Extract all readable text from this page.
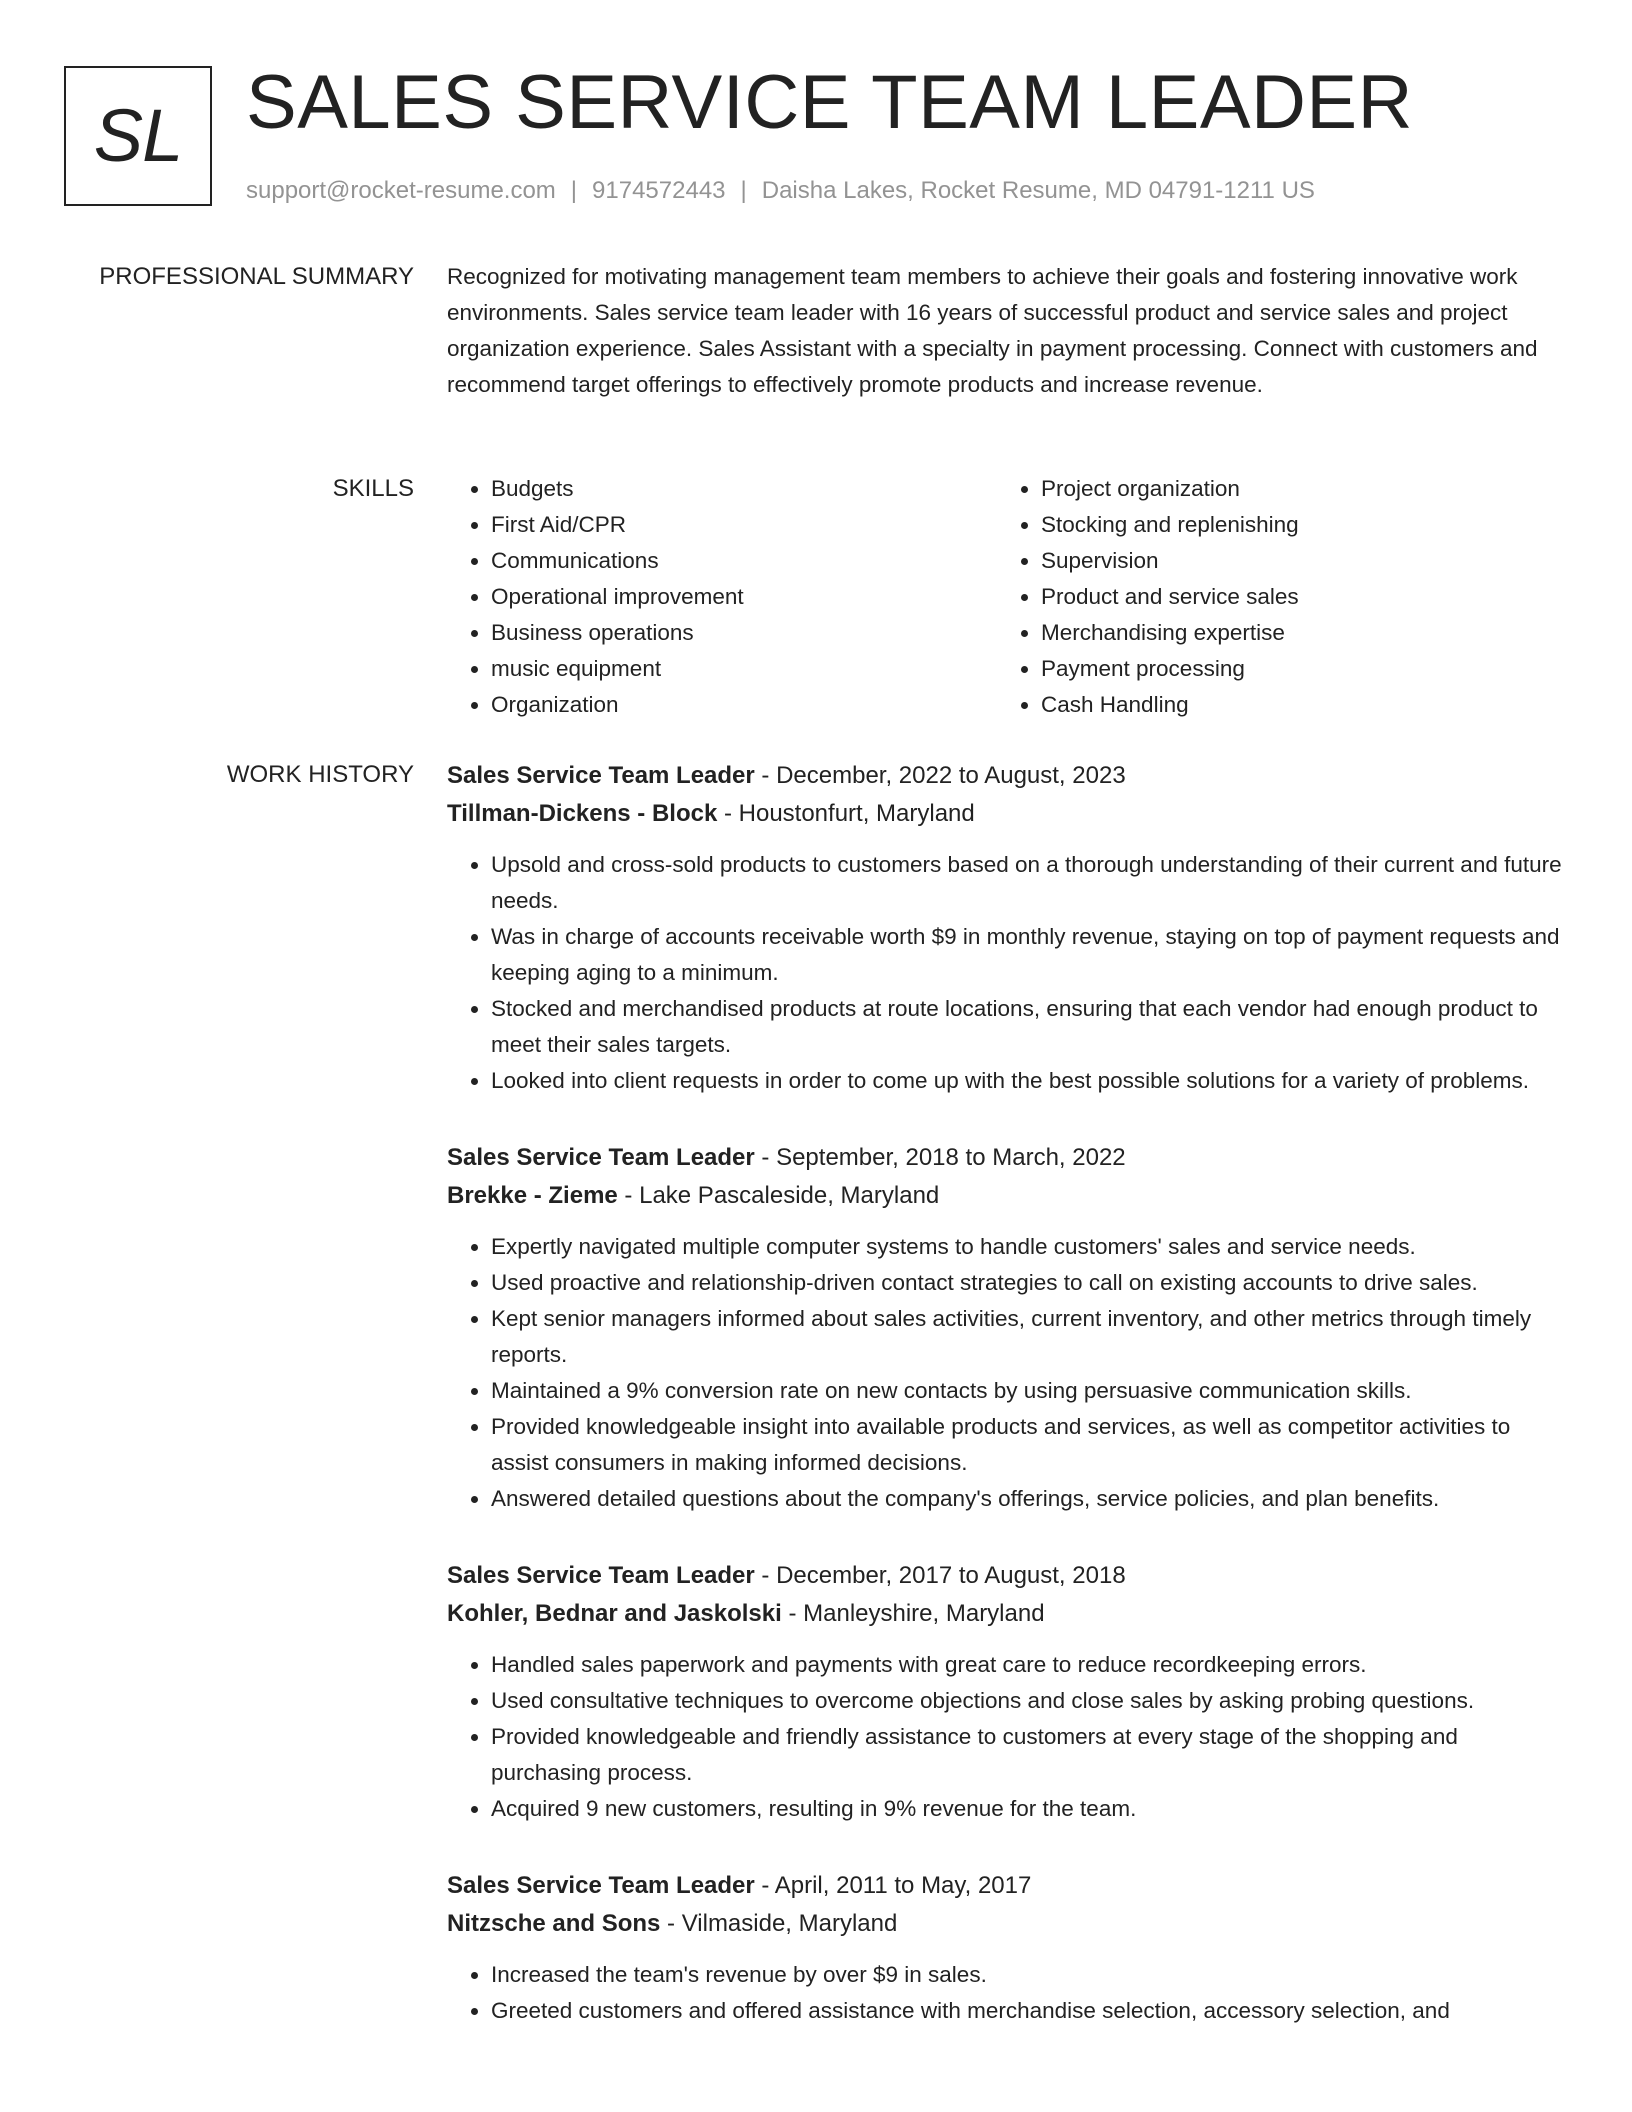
SL SALES SERVICE TEAM LEADER
support@rocket-resume.com | 9174572443 | Daisha Lakes, Rocket Resume, MD 04791-1211 US
PROFESSIONAL SUMMARY Recognized for motivating management team members to achieve their goals and fostering innovative work environments. Sales service team leader with 16 years of successful product and service sales and project organization experience. Sales Assistant with a specialty in payment processing. Connect with customers and recommend target offerings to effectively promote products and increase revenue.

SKILLS
•	Budgets
• First Aid/CPR
• Communications
• Operational improvement
• Business operations
• music equipment
• Organization
• Project organization
• Stocking and replenishing
• Supervision
• Product and service sales
• Merchandising expertise
• Payment processing
• Cash Handling
WORK HISTORY Sales Service Team Leader - December, 2022 to August, 2023

Tillman-Dickens - Block - Houstonfurt, Maryland

• Upsold and cross-sold products to customers based on a thorough understanding of their current and future needs.
• Was in charge of accounts receivable worth $9 in monthly revenue, staying on top of payment requests and keeping aging to a minimum.
• Stocked and merchandised products at route locations, ensuring that each vendor had enough product to meet their sales targets.
• Looked into client requests in order to come up with the best possible solutions for a variety of problems.

Sales Service Team Leader - September, 2018 to March, 2022

Brekke - Zieme - Lake Pascaleside, Maryland

• Expertly navigated multiple computer systems to handle customers' sales and service needs.
• Used proactive and relationship-driven contact strategies to call on existing accounts to drive sales.
• Kept senior managers informed about sales activities, current inventory, and other metrics through timely reports.
• Maintained a 9% conversion rate on new contacts by using persuasive communication skills.
• Provided knowledgeable insight into available products and services, as well as competitor activities to assist consumers in making informed decisions.
• Answered detailed questions about the company's offerings, service policies, and plan benefits.

Sales Service Team Leader - December, 2017 to August, 2018

Kohler, Bednar and Jaskolski - Manleyshire, Maryland

• Handled sales paperwork and payments with great care to reduce recordkeeping errors.
• Used consultative techniques to overcome objections and close sales by asking probing questions.
• Provided knowledgeable and friendly assistance to customers at every stage of the shopping and purchasing process.
• Acquired 9 new customers, resulting in 9% revenue for the team.

Sales Service Team Leader - April, 2011 to May, 2017

Nitzsche and Sons - Vilmaside, Maryland

• Increased the team's revenue by over $9 in sales.
• Greeted customers and offered assistance with merchandise selection, accessory selection, and
